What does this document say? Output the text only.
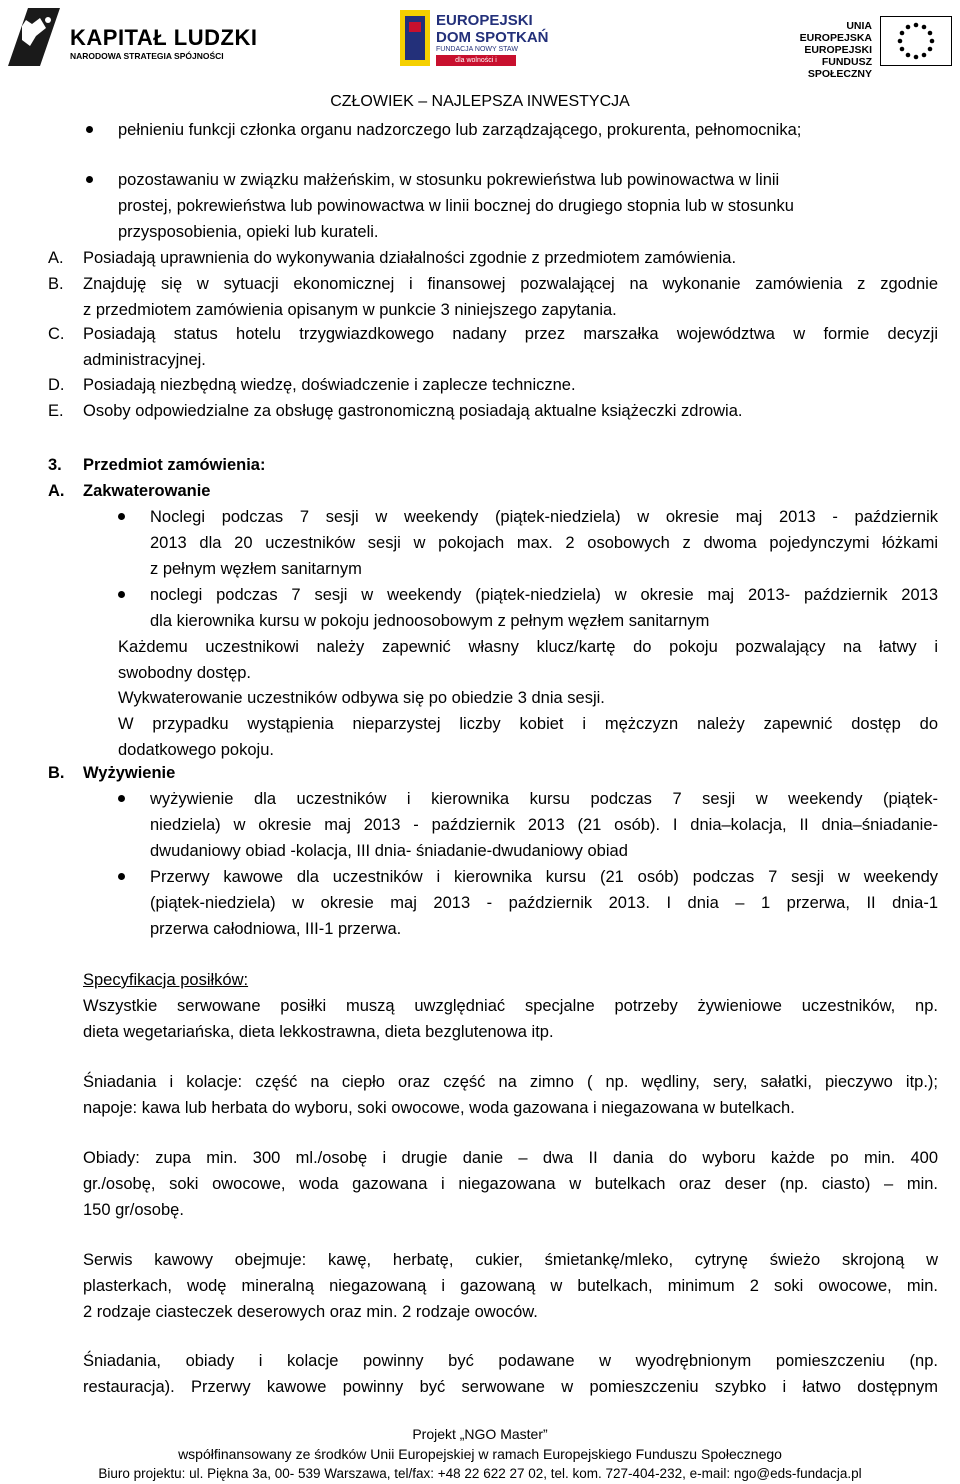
KAPITAŁ LUDZKI
NARODOWA STRATEGIA SPÓJNOŚCI
EUROPEJSKI
DOM SPOTKAŃ
FUNDACJA NOWY STAW
dla wolności i solidarności
UNIA EUROPEJSKA
EUROPEJSKI
FUNDUSZ SPOŁECZNY
CZŁOWIEK – NAJLEPSZA INWESTYCJA
pełnieniu funkcji członka organu nadzorczego lub zarządzającego, prokurenta, pełnomocnika;
pozostawaniu w związku małżeńskim, w stosunku pokrewieństwa lub powinowactwa w linii
prostej, pokrewieństwa lub powinowactwa w linii bocznej do drugiego stopnia lub w stosunku
przysposobienia, opieki lub kurateli.
A. Posiadają uprawnienia do wykonywania działalności zgodnie z przedmiotem zamówienia.
B. Znajduję się w sytuacji ekonomicznej i finansowej pozwalającej na wykonanie zamówienia z zgodnie
z przedmiotem zamówienia opisanym w punkcie 3 niniejszego zapytania.
C. Posiadają status hotelu trzygwiazdkowego nadany przez marszałka województwa w formie decyzji
administracyjnej.
D. Posiadają niezbędną wiedzę, doświadczenie i zaplecze techniczne.
E. Osoby odpowiedzialne za obsługę gastronomiczną posiadają aktualne książeczki zdrowia.
3. Przedmiot zamówienia:
A. Zakwaterowanie
Noclegi podczas 7 sesji w weekendy (piątek-niedziela) w okresie maj 2013 - październik
2013 dla 20 uczestników sesji w pokojach max. 2 osobowych z dwoma pojedynczymi łóżkami
z pełnym węzłem sanitarnym
noclegi podczas 7 sesji w weekendy (piątek-niedziela) w okresie maj 2013- październik 2013
dla kierownika kursu w pokoju jednoosobowym z pełnym węzłem sanitarnym
Każdemu uczestnikowi należy zapewnić własny klucz/kartę do pokoju pozwalający na łatwy i
swobodny dostęp.
Wykwaterowanie uczestników odbywa się po obiedzie 3 dnia sesji.
W przypadku wystąpienia nieparzystej liczby kobiet i mężczyzn należy zapewnić dostęp do
dodatkowego pokoju.
B. Wyżywienie
wyżywienie dla uczestników i kierownika kursu podczas 7 sesji w weekendy (piątek-
niedziela) w okresie maj 2013 - październik 2013 (21 osób). I dnia–kolacja, II dnia–śniadanie-
dwudaniowy obiad -kolacja, III dnia- śniadanie-dwudaniowy obiad
Przerwy kawowe dla uczestników i kierownika kursu (21 osób) podczas 7 sesji w weekendy
(piątek-niedziela) w okresie maj 2013 - październik 2013. I dnia – 1 przerwa, II dnia-1
przerwa całodniowa, III-1 przerwa.
Specyfikacja posiłków:
Wszystkie serwowane posiłki muszą uwzględniać specjalne potrzeby żywieniowe uczestników, np.
dieta wegetariańska, dieta lekkostrawna, dieta bezglutenowa itp.
Śniadania i kolacje: część na ciepło oraz część na zimno ( np. wędliny, sery, sałatki, pieczywo itp.);
napoje: kawa lub herbata do wyboru, soki owocowe, woda gazowana i niegazowana w butelkach.
Obiady: zupa min. 300 ml./osobę i drugie danie – dwa II dania do wyboru każde po min. 400
gr./osobę, soki owocowe, woda gazowana i niegazowana w butelkach oraz deser (np. ciasto) – min.
150 gr/osobę.
Serwis kawowy obejmuje: kawę, herbatę, cukier, śmietankę/mleko, cytrynę świeżo skrojoną w
plasterkach, wodę mineralną niegazowaną i gazowaną w butelkach, minimum 2 soki owocowe, min.
2 rodzaje ciasteczek deserowych oraz min. 2 rodzaje owoców.
Śniadania, obiady i kolacje powinny być podawane w wyodrębnionym pomieszczeniu (np.
restauracja). Przerwy kawowe powinny być serwowane w pomieszczeniu szybko i łatwo dostępnym
Projekt „NGO Master”
współfinansowany ze środków Unii Europejskiej w ramach Europejskiego Funduszu Społecznego
Biuro projektu: ul. Piękna 3a, 00- 539 Warszawa, tel/fax: +48 22 622 27 02, tel. kom. 727-404-232, e-mail: ngo@eds-fundacja.pl
